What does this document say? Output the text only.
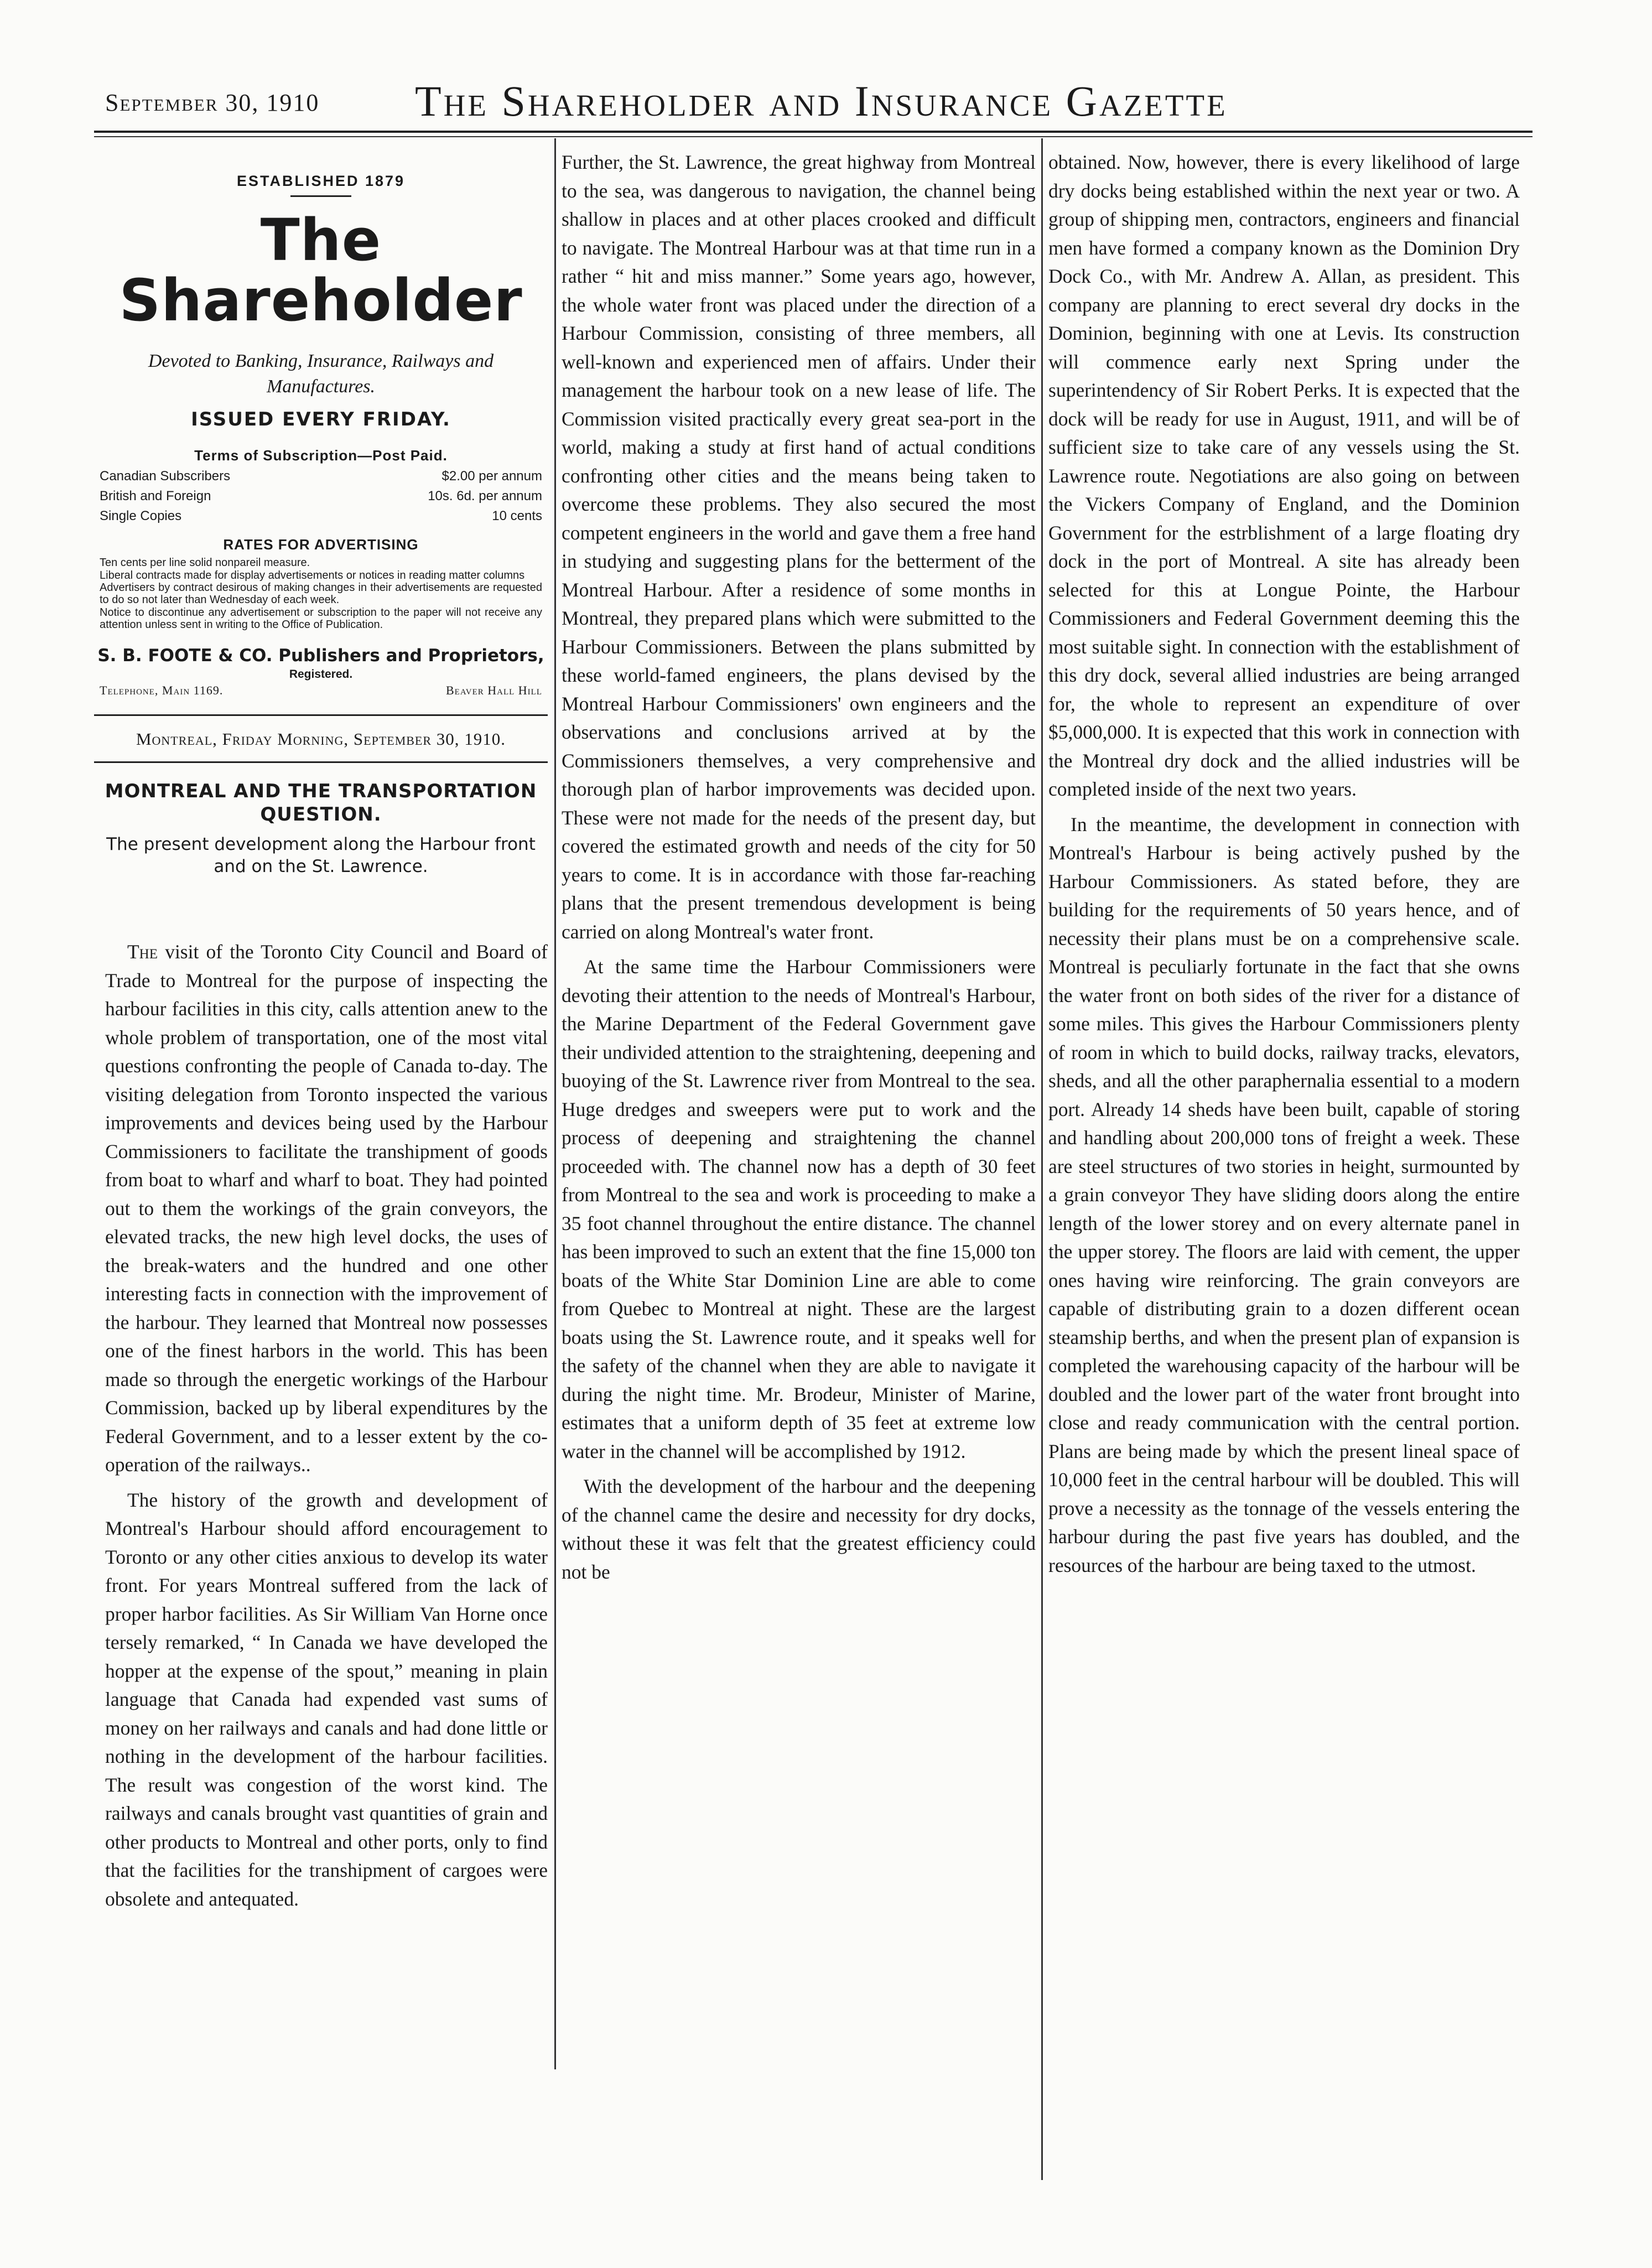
September 30, 1910 The Shareholder and Insurance Gazette
ESTABLISHED 1879
The Shareholder
Devoted to Banking, Insurance, Railways and Manufactures.
ISSUED EVERY FRIDAY.
Terms of Subscription—Post Paid.
Canadian Subscribers	$2.00 per annum
British and Foreign	10s. 6d. per annum
Single Copies	10 cents
RATES FOR ADVERTISING

Ten cents per line solid nonpareil measure.

Liberal contracts made for display advertisements or notices in reading matter columns

Advertisers by contract desirous of making changes in their advertisements are requested to do so not later than Wednesday of each week.

Notice to discontinue any advertisement or subscription to the paper will not receive any attention unless sent in writing to the Office of Publication.

S. B. FOOTE & CO. Publishers and Proprietors,
Registered.
Telephone, Main 1169.	Beaver Hall Hill
Montreal, Friday Morning, September 30, 1910.
MONTREAL AND THE TRANSPORTATION QUESTION.
The present development along the Harbour front and on the St. Lawrence.

The visit of the Toronto City Council and Board of Trade to Montreal for the purpose of inspecting the harbour facilities in this city, calls attention anew to the whole problem of transportation, one of the most vital questions confronting the people of Canada to-day. The visiting delegation from Toronto inspected the various improvements and devices being used by the Harbour Commissioners to facilitate the transhipment of goods from boat to wharf and wharf to boat. They had pointed out to them the workings of the grain conveyors, the elevated tracks, the new high level docks, the uses of the break-waters and the hundred and one other interesting facts in connection with the improvement of the harbour. They learned that Montreal now possesses one of the finest harbors in the world. This has been made so through the energetic workings of the Harbour Commission, backed up by liberal expenditures by the Federal Government, and to a lesser extent by the co-operation of the railways..

The history of the growth and development of Montreal's Harbour should afford encouragement to Toronto or any other cities anxious to develop its water front. For years Montreal suffered from the lack of proper harbor facilities. As Sir William Van Horne once tersely remarked, “ In Canada we have developed the hopper at the expense of the spout,” meaning in plain language that Canada had expended vast sums of money on her railways and canals and had done little or nothing in the development of the harbour facilities. The result was congestion of the worst kind. The railways and canals brought vast quantities of grain and other products to Montreal and other ports, only to find that the facilities for the transhipment of cargoes were obsolete and antequated.

Further, the St. Lawrence, the great highway from Montreal to the sea, was dangerous to navigation, the channel being shallow in places and at other places crooked and difficult to navigate. The Montreal Harbour was at that time run in a rather “ hit and miss manner.” Some years ago, however, the whole water front was placed under the direction of a Harbour Commission, consisting of three members, all well-known and experienced men of affairs. Under their management the harbour took on a new lease of life. The Commission visited practically every great sea-port in the world, making a study at first hand of actual conditions confronting other cities and the means being taken to overcome these problems. They also secured the most competent engineers in the world and gave them a free hand in studying and suggesting plans for the betterment of the Montreal Harbour. After a residence of some months in Montreal, they prepared plans which were submitted to the Harbour Commissioners. Between the plans submitted by these world-famed engineers, the plans devised by the Montreal Harbour Commissioners' own engineers and the observations and conclusions arrived at by the Commissioners themselves, a very comprehensive and thorough plan of harbor improvements was decided upon. These were not made for the needs of the present day, but covered the estimated growth and needs of the city for 50 years to come. It is in accordance with those far-reaching plans that the present tremendous development is being carried on along Montreal's water front.

At the same time the Harbour Commissioners were devoting their attention to the needs of Montreal's Harbour, the Marine Department of the Federal Government gave their undivided attention to the straightening, deepening and buoying of the St. Lawrence river from Montreal to the sea. Huge dredges and sweepers were put to work and the process of deepening and straightening the channel proceeded with. The channel now has a depth of 30 feet from Montreal to the sea and work is proceeding to make a 35 foot channel throughout the entire distance. The channel has been improved to such an extent that the fine 15,000 ton boats of the White Star Dominion Line are able to come from Quebec to Montreal at night. These are the largest boats using the St. Lawrence route, and it speaks well for the safety of the channel when they are able to navigate it during the night time. Mr. Brodeur, Minister of Marine, estimates that a uniform depth of 35 feet at extreme low water in the channel will be accomplished by 1912.

With the development of the harbour and the deepening of the channel came the desire and necessity for dry docks, without these it was felt that the greatest efficiency could not be

obtained. Now, however, there is every likelihood of large dry docks being established within the next year or two. A group of shipping men, contractors, engineers and financial men have formed a company known as the Dominion Dry Dock Co., with Mr. Andrew A. Allan, as president. This company are planning to erect several dry docks in the Dominion, beginning with one at Levis. Its construction will commence early next Spring under the superintendency of Sir Robert Perks. It is expected that the dock will be ready for use in August, 1911, and will be of sufficient size to take care of any vessels using the St. Lawrence route. Negotiations are also going on between the Vickers Company of England, and the Dominion Government for the estrblishment of a large floating dry dock in the port of Montreal. A site has already been selected for this at Longue Pointe, the Harbour Commissioners and Federal Government deeming this the most suitable sight. In connection with the establishment of this dry dock, several allied industries are being arranged for, the whole to represent an expenditure of over $5,000,000. It is expected that this work in connection with the Montreal dry dock and the allied industries will be completed inside of the next two years.

In the meantime, the development in connection with Montreal's Harbour is being actively pushed by the Harbour Commissioners. As stated before, they are building for the requirements of 50 years hence, and of necessity their plans must be on a comprehensive scale. Montreal is peculiarly fortunate in the fact that she owns the water front on both sides of the river for a distance of some miles. This gives the Harbour Commissioners plenty of room in which to build docks, railway tracks, elevators, sheds, and all the other paraphernalia essential to a modern port. Already 14 sheds have been built, capable of storing and handling about 200,000 tons of freight a week. These are steel structures of two stories in height, surmounted by a grain conveyor They have sliding doors along the entire length of the lower storey and on every alternate panel in the upper storey. The floors are laid with cement, the upper ones having wire reinforcing. The grain conveyors are capable of distributing grain to a dozen different ocean steamship berths, and when the present plan of expansion is completed the warehousing capacity of the harbour will be doubled and the lower part of the water front brought into close and ready communication with the central portion. Plans are being made by which the present lineal space of 10,000 feet in the central harbour will be doubled. This will prove a necessity as the tonnage of the vessels entering the harbour during the past five years has doubled, and the resources of the harbour are being taxed to the utmost.
